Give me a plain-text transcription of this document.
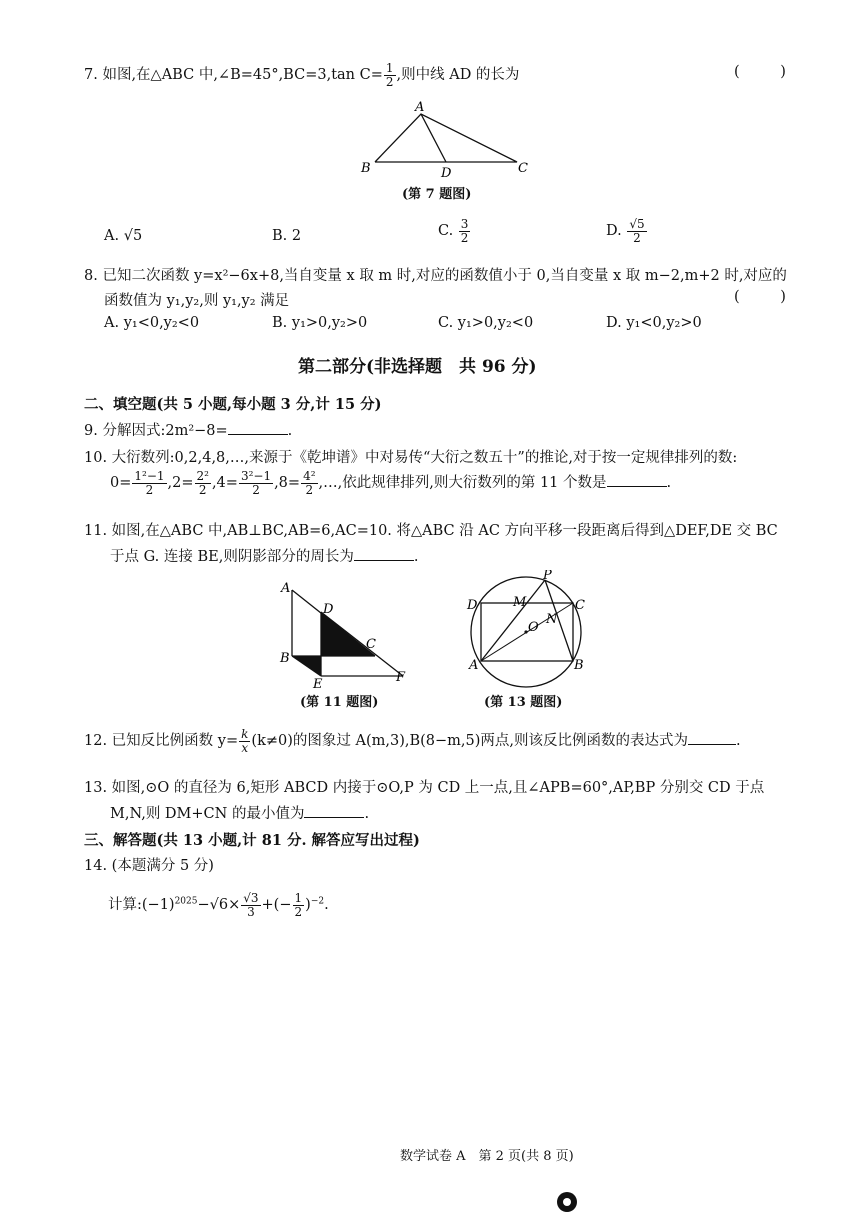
7. 如图,在△ABC 中,∠B=45°,BC=3,tan $C= \frac{1}{2}$ ,则中线 AD 的长为	( )
A
B	D	C
(第 7 题图)
A. √5	B. 2	C. $\frac{3}{2}$	D. $\frac{√5}{2}$
8. 已知二次函数 y=x²−6x+8,当自变量 x 取 m 时,对应的函数值小于 0,当自变量 x 取 m−2,m+2 时,对应的
函数值为 y₁,y₂,则 y₁,y₂ 满足	( )
A. y₁<0,y₂<0	B. y₁>0,y₂>0	C. y₁>0,y₂<0	D. y₁<0,y₂>0
第二部分(非选择题　共 96 分)
二、填空题(共 5 小题,每小题 3 分,计 15 分)
9. 分解因式:2m²−8=	.
10. 大衍数列:0,2,4,8,…,来源于《乾坤谱》中对易传“大衍之数五十”的推论,对于按一定规律排列的数:
$0= \frac{\text{1²−1}}{2} ,2= \frac{\text{2²}}{2} ,4= \frac{\text{3²−1}}{2} ,8= \frac{\text{4²}}{2}$ ,…,依此规律排列,则大衍数列的第 11 个数是	.
11. 如图,在△ABC 中,AB⊥BC,AB=6,AC=10. 将△ABC 沿 AC 方向平移一段距离后得到△DEF,DE 交 BC
于点 G. 连接 BE,则阴影部分的周长为	.
A
D
C
B	G
E	F
(第 11 题图)
P
D	M
N
C
O
A	B
(第 13 题图)
12. 已知反比例函数 $y= \frac{k}{x} (k\ne 0)$的图象过 A(m,3),B(8−m,5)两点,则该反比例函数的表达式为	.
13. 如图,⊙O 的直径为 6,矩形 ABCD 内接于⊙O,P 为 CD 上一点,且∠APB=60°,AP,BP 分别交 CD 于点
M,N,则 DM+CN 的最小值为	.
三、解答题(共 13 小题,计 81 分. 解答应写出过程)
14. (本题满分 5 分)
计算$:(-1)^{2025}-√6\times \frac{√3}{3}$ +(− $\frac{1}{2} )^{-2}$.
数学试卷 A　第 2 页(共 8 页)
